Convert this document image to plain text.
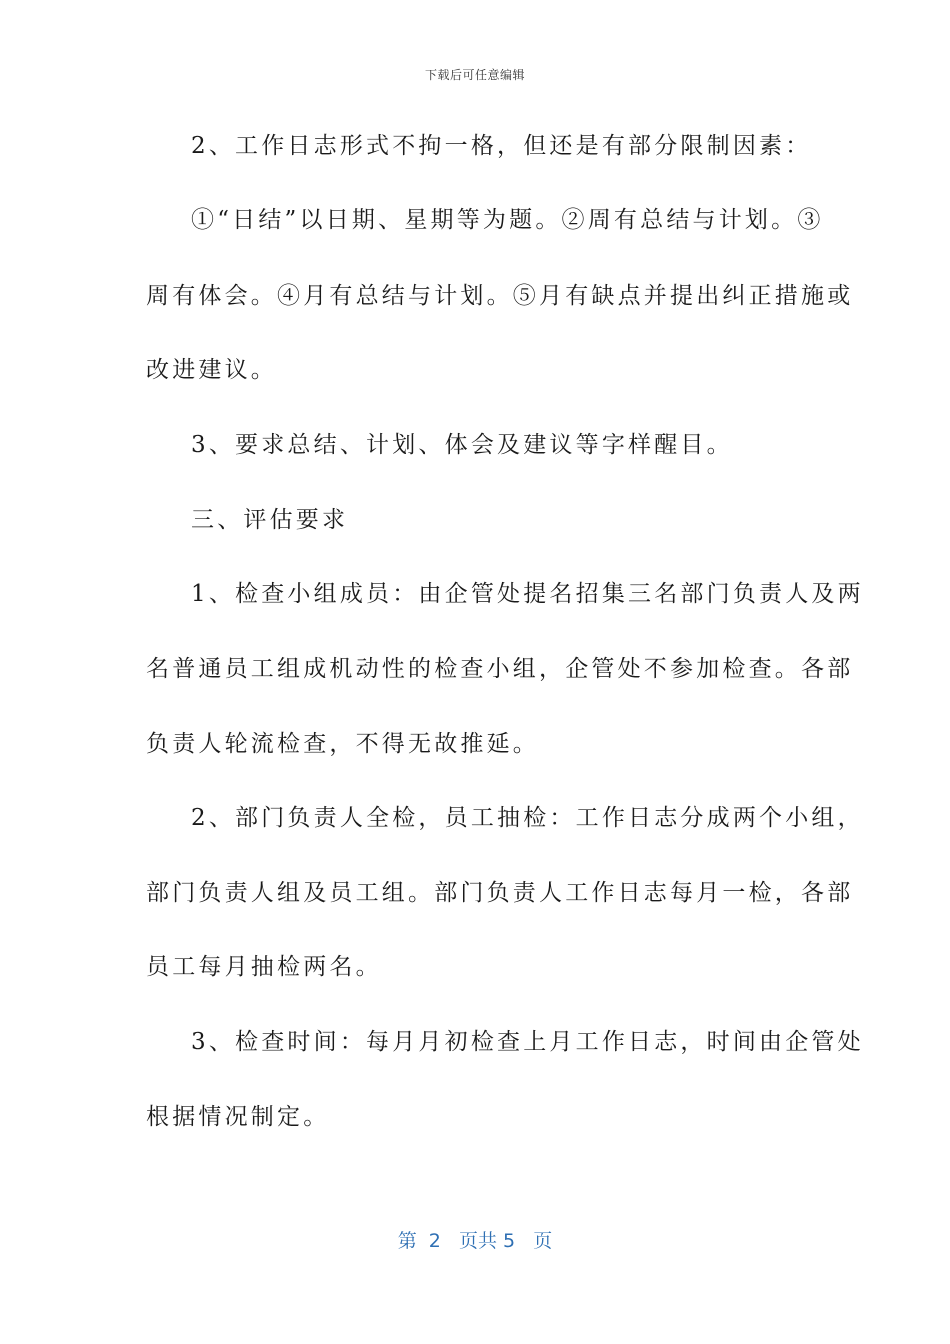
下载后可任意编辑
2、工作日志形式不拘一格，但还是有部分限制因素：
①“日结”以日期、星期等为题。②周有总结与计划。③
周有体会。④月有总结与计划。⑤月有缺点并提出纠正措施或
改进建议。
3、要求总结、计划、体会及建议等字样醒目。
三、评估要求
1、检查小组成员：由企管处提名招集三名部门负责人及两
名普通员工组成机动性的检查小组，企管处不参加检查。各部
负责人轮流检查，不得无故推延。
2、部门负责人全检，员工抽检：工作日志分成两个小组，
部门负责人组及员工组。部门负责人工作日志每月一检，各部
员工每月抽检两名。
3、检查时间：每月月初检查上月工作日志，时间由企管处
根据情况制定。
第  2   页共 5   页
